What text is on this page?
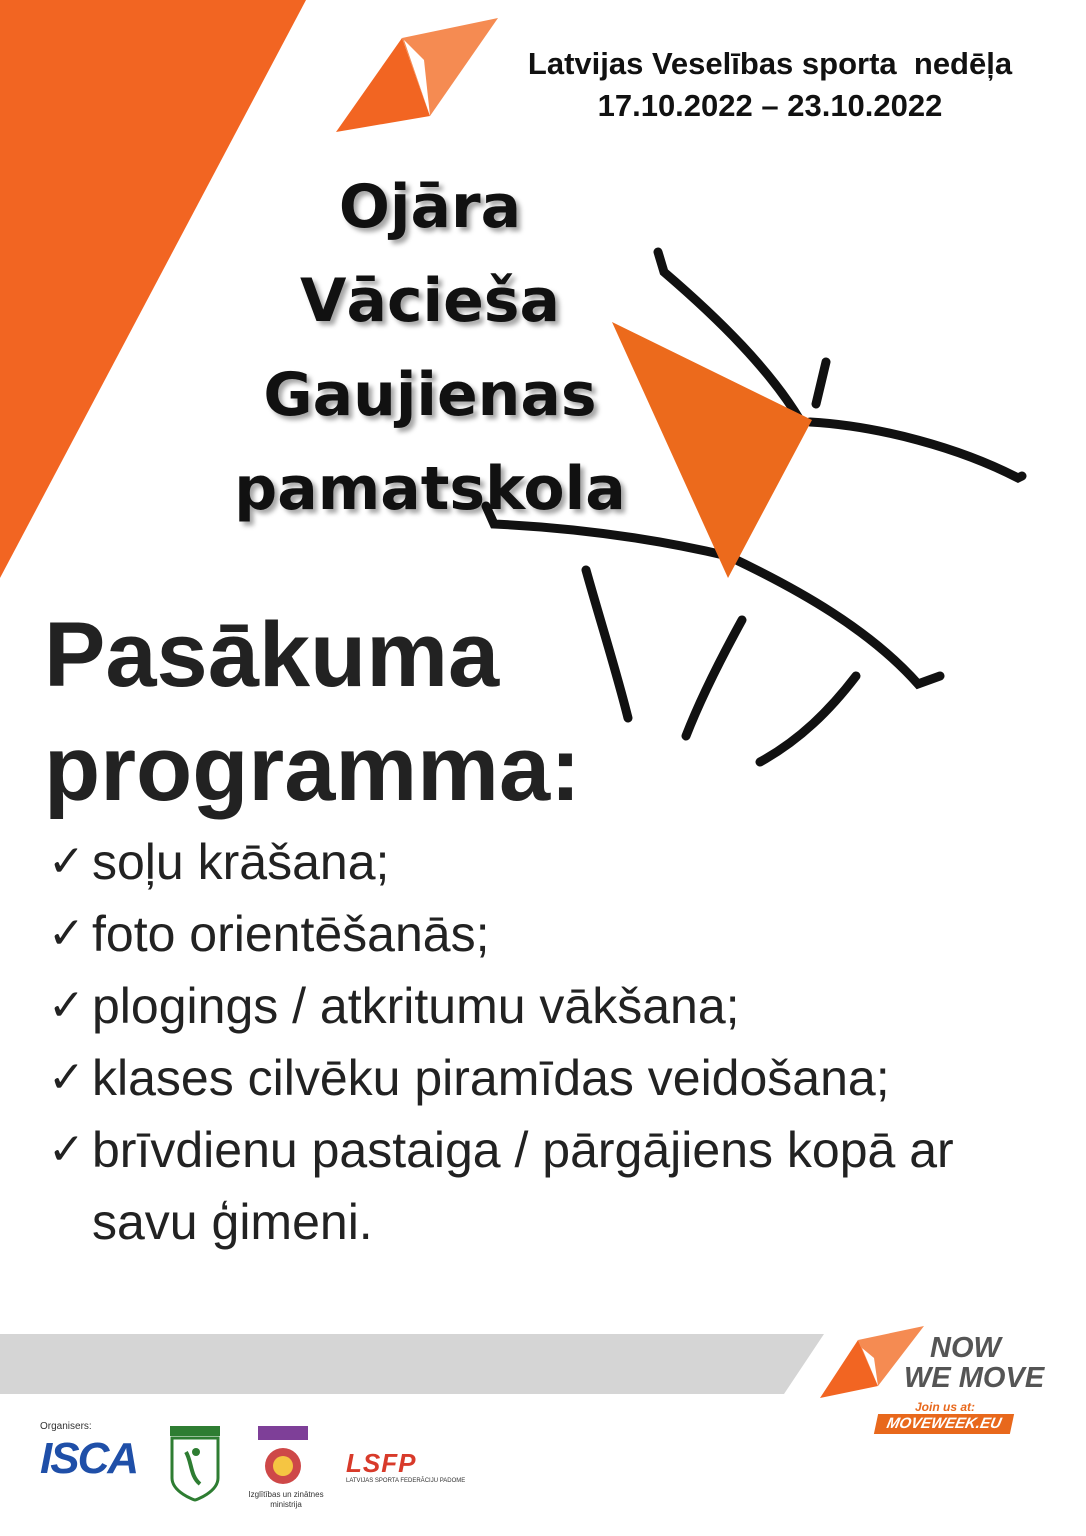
Latvijas Veselības sporta  nedēļa
17.10.2022 – 23.10.2022
Ojāra Vācieša
Gaujienas
pamatskola
Pasākuma
programma:
✓ soļu krāšana;
✓ foto orientēšanās;
✓ plogings / atkritumu vākšana;
✓ klases cilvēku piramīdas veidošana;
✓ brīvdienu pastaiga / pārgājiens kopā ar savu ģimeni.
NOW
WE MOVE
Join us at:
MOVEWEEK.EU
Organisers:
ISCA
Izglītības un zinātnes ministrija
LSFP
LATVIJAS SPORTA FEDERĀCIJU PADOME
